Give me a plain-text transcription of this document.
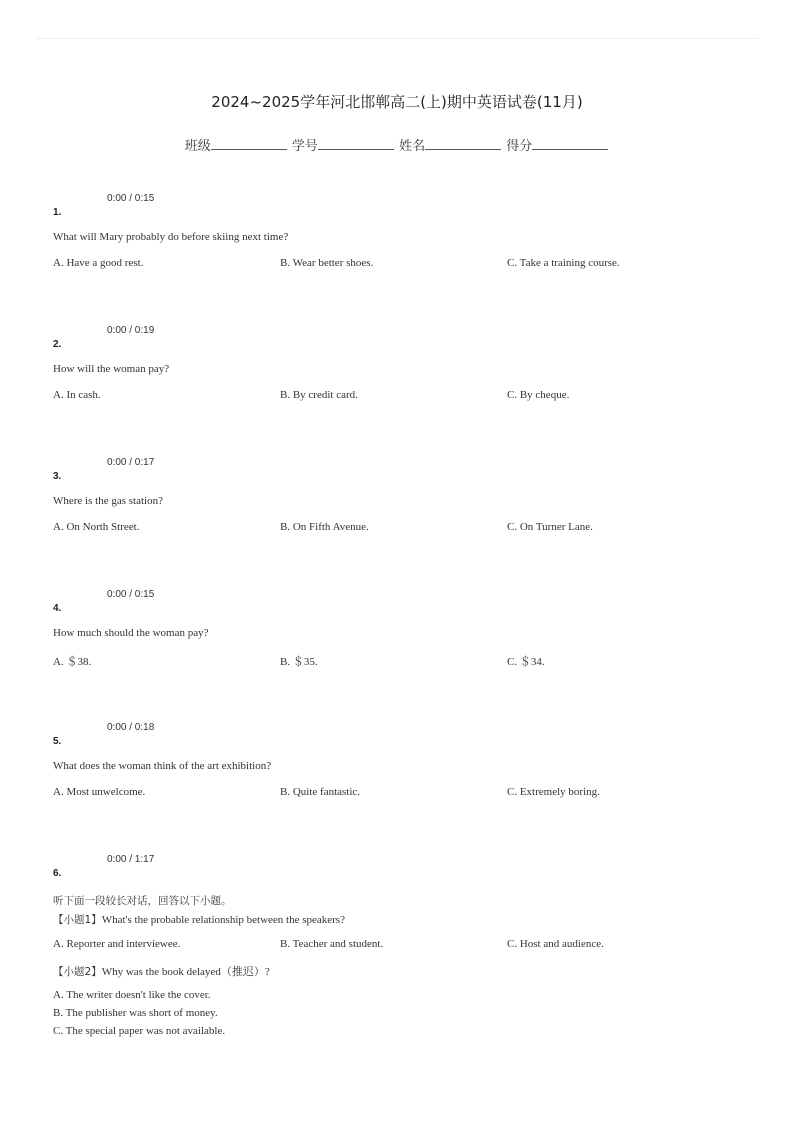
2024~2025学年河北邯郸高二(上)期中英语试卷(11月)
班级	学号	姓名	得分
0:00 / 0:15
1.
What will Mary probably do before skiing next time?
A. Have a good rest.	B. Wear better shoes.	C. Take a training course.
0:00 / 0:19
2.
How will the woman pay?
A. In cash.	B. By credit card.	C. By cheque.
0:00 / 0:17
3.
Where is the gas station?
A. On North Street.	B. On Fifth Avenue.	C. On Turner Lane.
0:00 / 0:15
4.
How much should the woman pay?
A. ＄38.	B. ＄35.	C. ＄34.
0:00 / 0:18
5.
What does the woman think of the art exhibition?
A. Most unwelcome.	B. Quite fantastic.	C. Extremely boring.
0:00 / 1:17
6.
听下面一段较长对话，回答以下小题。
【小题1】What's the probable relationship between the speakers?
A. Reporter and interviewee.	B. Teacher and student.	C. Host and audience.
【小题2】Why was the book delayed（推迟）?
A. The writer doesn't like the cover.
B. The publisher was short of money.
C. The special paper was not available.
